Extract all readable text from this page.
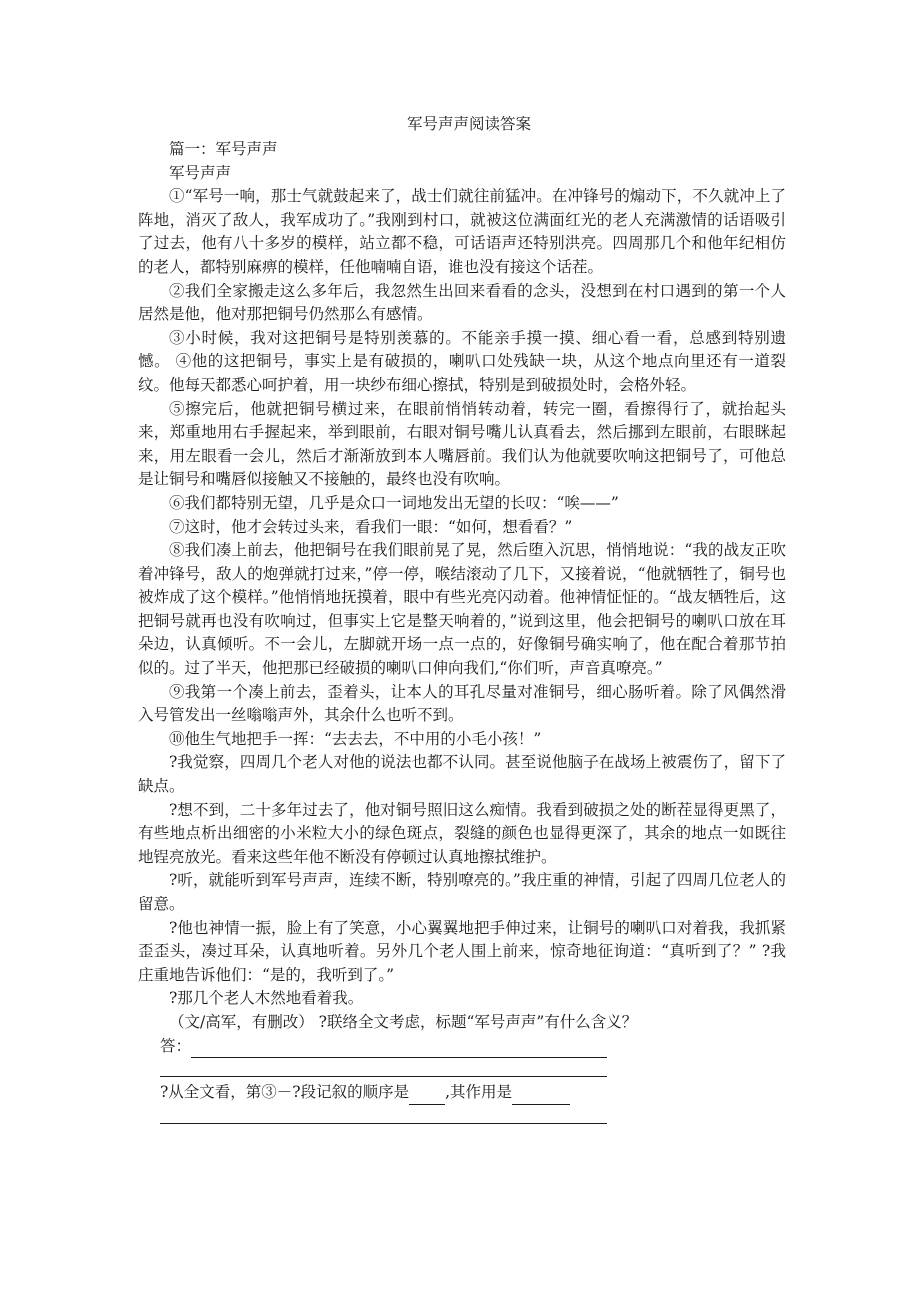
军号声声阅读答案

篇一：军号声声

军号声声

①“军号一响，那士气就鼓起来了，战士们就往前猛冲。在冲锋号的煽动下，不久就冲上了阵地，消灭了敌人，我军成功了。”我刚到村口，就被这位满面红光的老人充满激情的话语吸引了过去，他有八十多岁的模样，站立都不稳，可话语声还特别洪亮。四周那几个和他年纪相仿的老人，都特别麻痹的模样，任他喃喃自语，谁也没有接这个话茬。

②我们全家搬走这么多年后，我忽然生出回来看看的念头，没想到在村口遇到的第一个人居然是他，他对那把铜号仍然那么有感情。

③小时候，我对这把铜号是特别羡慕的。不能亲手摸一摸、细心看一看，总感到特别遗憾。 ④他的这把铜号，事实上是有破损的，喇叭口处残缺一块，从这个地点向里还有一道裂纹。他每天都悉心呵护着，用一块纱布细心擦拭，特别是到破损处时，会格外轻。

⑤擦完后，他就把铜号横过来，在眼前悄悄转动着，转完一圈，看擦得行了，就抬起头来，郑重地用右手握起来，举到眼前，右眼对铜号嘴儿认真看去，然后挪到左眼前，右眼眯起来，用左眼看一会儿，然后才渐渐放到本人嘴唇前。我们认为他就要吹响这把铜号了，可他总是让铜号和嘴唇似接触又不接触的，最终也没有吹响。

⑥我们都特别无望，几乎是众口一词地发出无望的长叹：“唉——”

⑦这时，他才会转过头来，看我们一眼：“如何，想看看？”

⑧我们凑上前去，他把铜号在我们眼前晃了晃，然后堕入沉思，悄悄地说：“我的战友正吹着冲锋号，敌人的炮弹就打过来，”停一停，喉结滚动了几下，又接着说，“他就牺牲了，铜号也被炸成了这个模样。”他悄悄地抚摸着，眼中有些光亮闪动着。他神情怔怔的。“战友牺牲后，这把铜号就再也没有吹响过，但事实上它是整天响着的，”说到这里，他会把铜号的喇叭口放在耳朵边，认真倾听。不一会儿，左脚就开场一点一点的，好像铜号确实响了，他在配合着那节拍似的。过了半天，他把那已经破损的喇叭口伸向我们,“你们听，声音真嘹亮。”

⑨我第一个凑上前去，歪着头，让本人的耳孔尽量对准铜号，细心肠听着。除了风偶然滑入号管发出一丝嗡嗡声外，其余什么也听不到。

⑩他生气地把手一挥：“去去去，不中用的小毛小孩！”

?我觉察，四周几个老人对他的说法也都不认同。甚至说他脑子在战场上被震伤了，留下了缺点。

?想不到，二十多年过去了，他对铜号照旧这么痴情。我看到破损之处的断茬显得更黑了，有些地点析出细密的小米粒大小的绿色斑点，裂缝的颜色也显得更深了，其余的地点一如既往地锃亮放光。看来这些年他不断没有停顿过认真地擦拭维护。

?听，就能听到军号声声，连续不断，特别嘹亮的。”我庄重的神情，引起了四周几位老人的留意。

?他也神情一振，脸上有了笑意，小心翼翼地把手伸过来，让铜号的喇叭口对着我，我抓紧歪歪头，凑过耳朵，认真地听着。另外几个老人围上前来，惊奇地征询道：“真听到了？” ?我庄重地告诉他们：“是的，我听到了。”

?那几个老人木然地看着我。

（文/高军，有删改） ?联络全文考虑，标题“军号声声”有什么含义？

答：

?从全文看，第③－?段记叙的顺序是 ,其作用是
